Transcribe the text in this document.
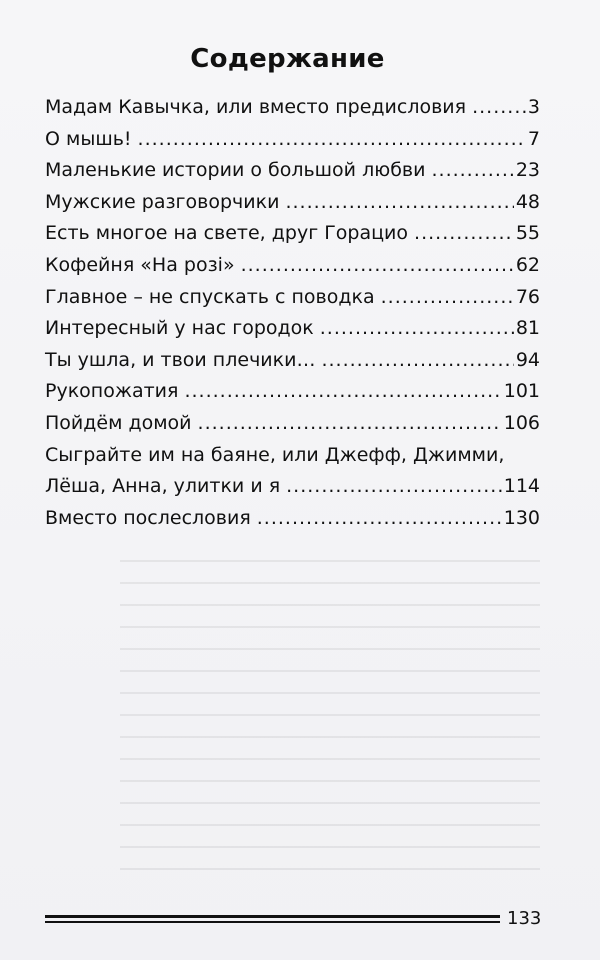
Содержание
Мадам Кавычка, или вместо предисловия .....	3
О мышь! .....	7
Маленькие истории о большой любви .....	23
Мужские разговорчики .....	48
Есть многое на свете, друг Горацио .....	55
Кофейня «На розі» .....	62
Главное – не спускать с поводка .....	76
Интересный у нас городок .....	81
Ты ушла, и твои плечики… .....	94
Рукопожатия .....	101
Пойдём домой .....	106
Сыграйте им на баяне, или Джефф, Джимми,
Лёша, Анна, улитки и я .....	114
Вместо послесловия .....	130
133
